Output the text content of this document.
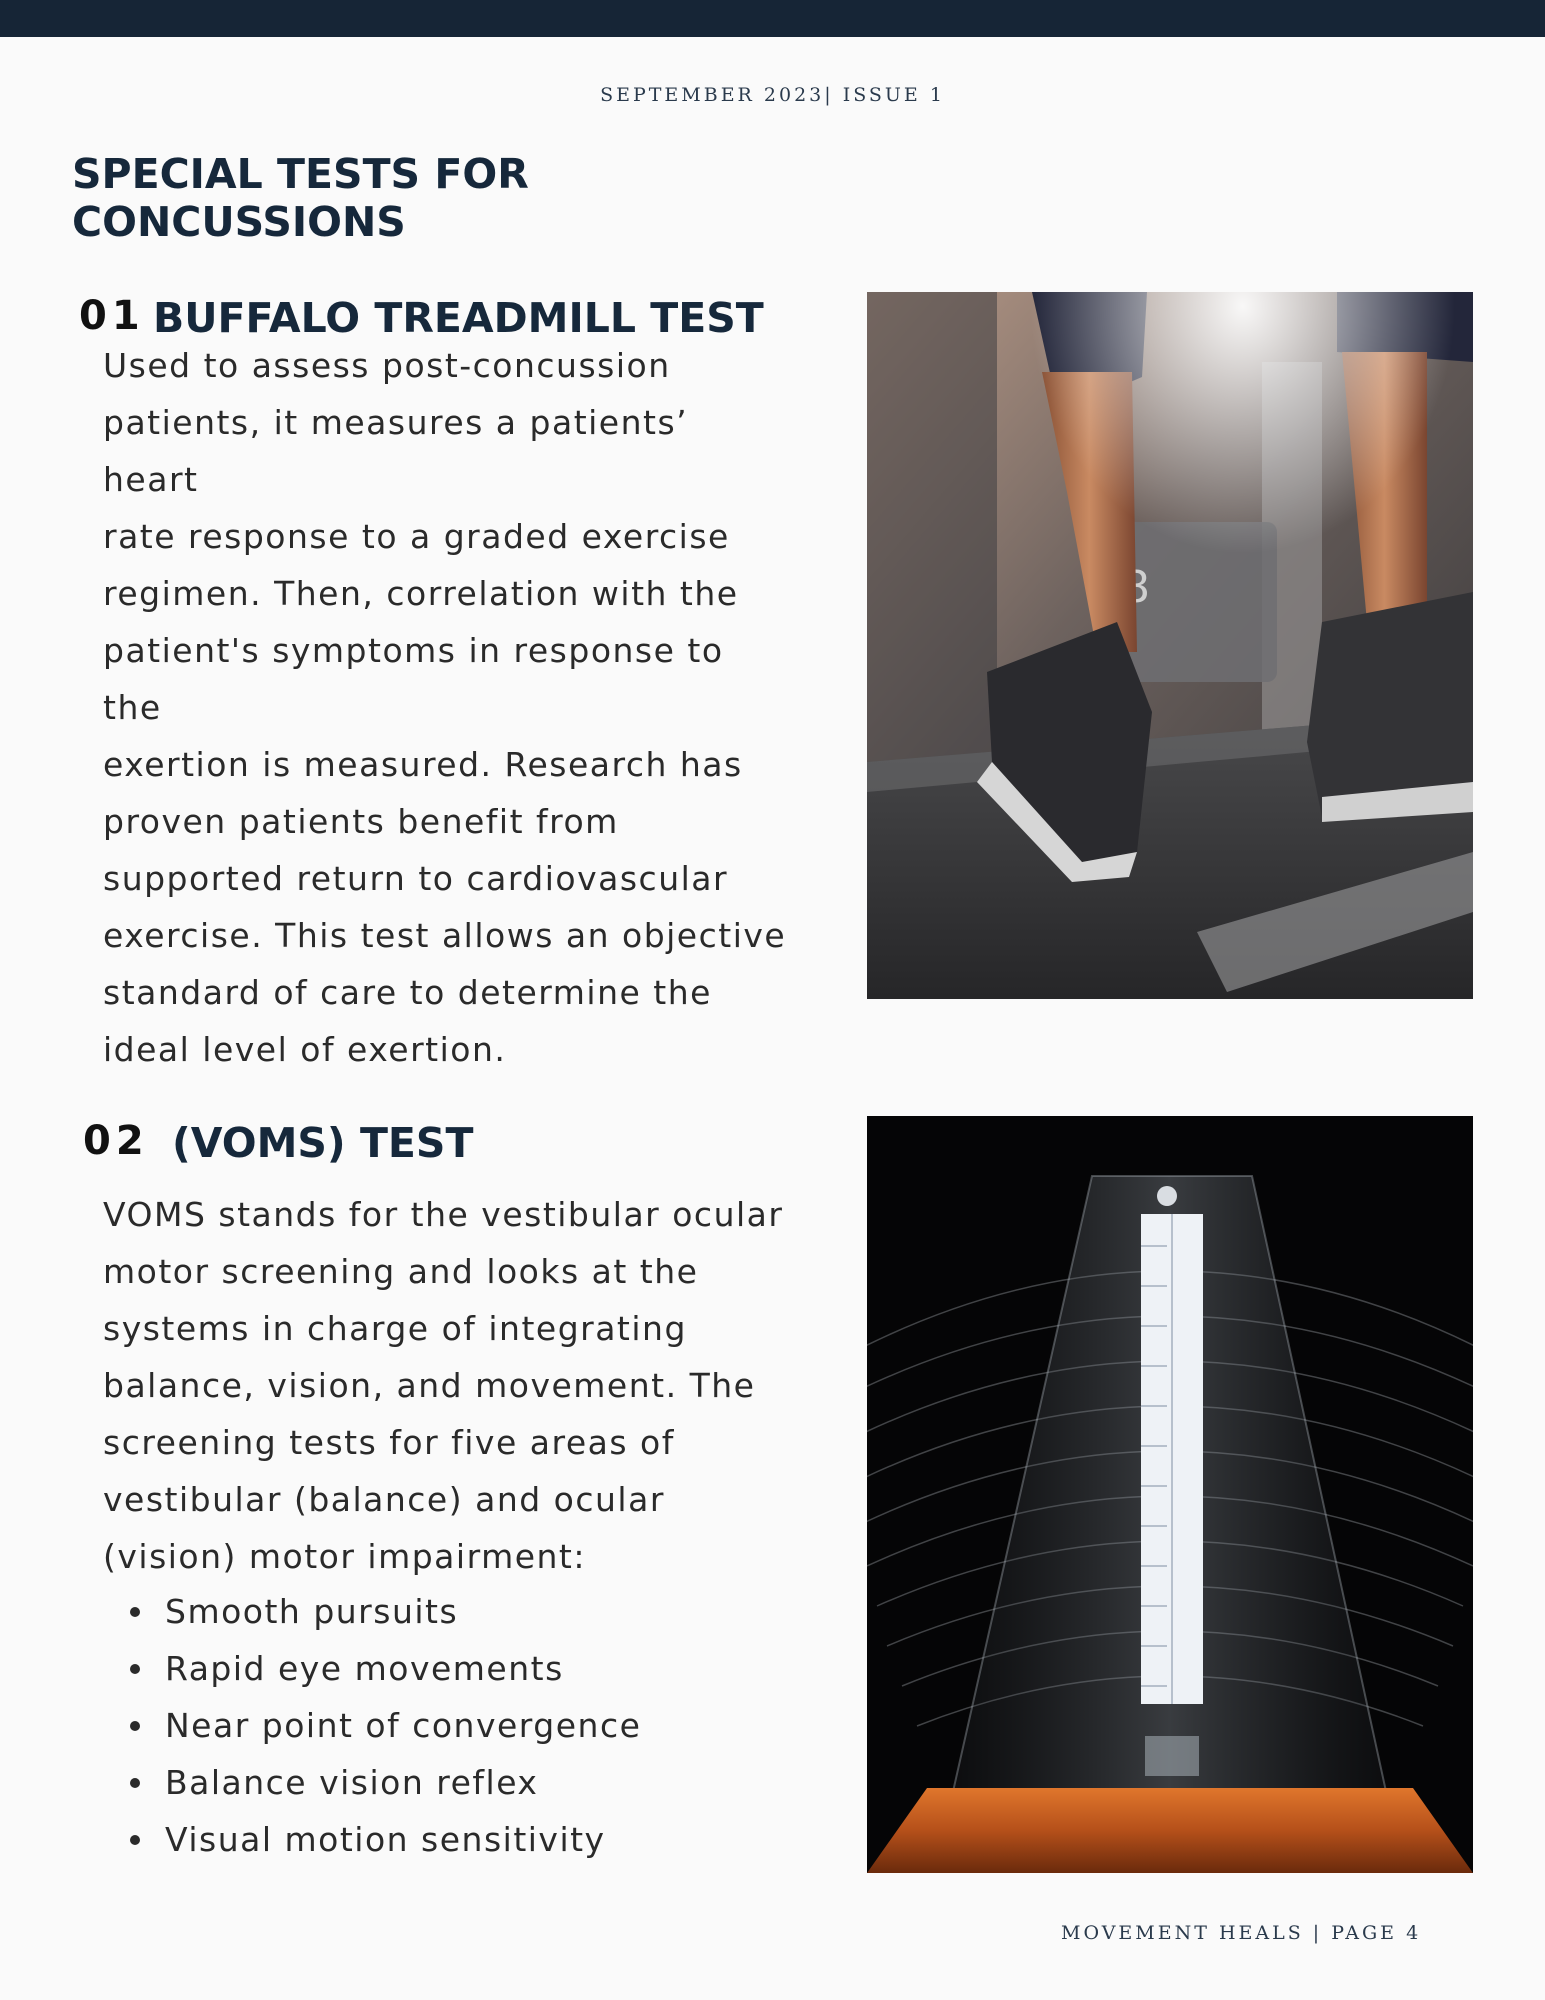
SEPTEMBER 2023| ISSUE 1
SPECIAL TESTS FOR CONCUSSIONS
01 BUFFALO TREADMILL TEST

Used to assess post-concussion
patients, it measures a patients’ heart
rate response to a graded exercise
regimen. Then, correlation with the
patient's symptoms in response to the
exertion is measured. Research has
proven patients benefit from
supported return to cardiovascular
exercise. This test allows an objective
standard of care to determine the
ideal level of exertion.

02 (VOMS) TEST

VOMS stands for the vestibular ocular
motor screening and looks at the
systems in charge of integrating
balance, vision, and movement. The
screening tests for five areas of
vestibular (balance) and ocular
(vision) motor impairment:

Smooth pursuits
Rapid eye movements
Near point of convergence
Balance vision reflex
Visual motion sensitivity
MOVEMENT HEALS | PAGE 4
